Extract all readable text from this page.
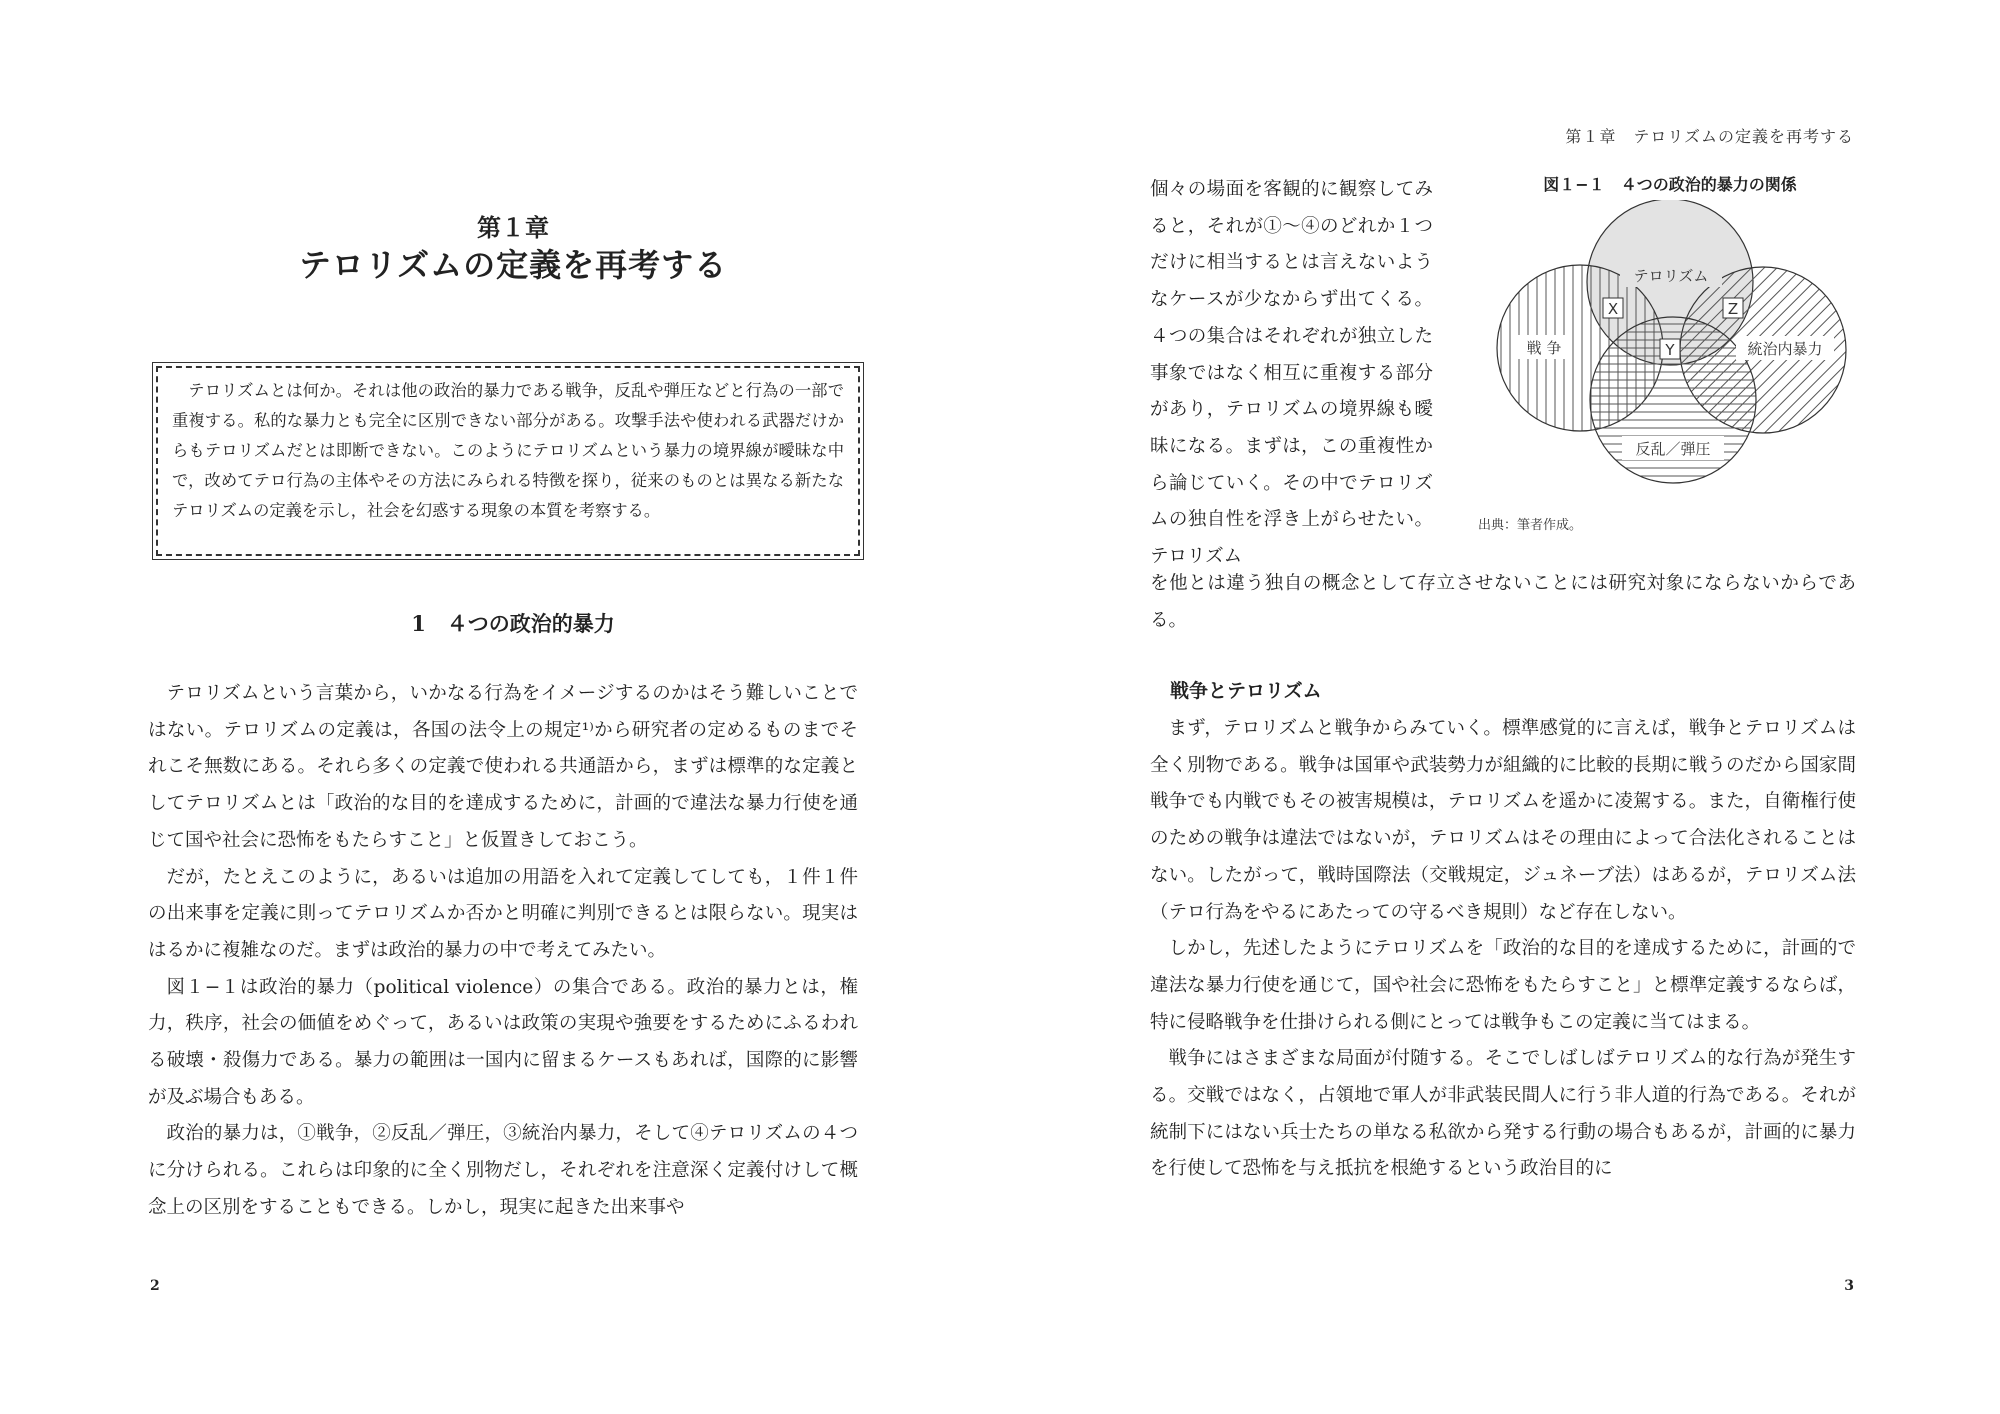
第１章
テロリズムの定義を再考する
テロリズムとは何か。それは他の政治的暴力である戦争，反乱や弾圧などと行為の一部で重複する。私的な暴力とも完全に区別できない部分がある。攻撃手法や使われる武器だけからもテロリズムだとは即断できない。このようにテロリズムという暴力の境界線が曖昧な中で，改めてテロ行為の主体やその方法にみられる特徴を探り，従来のものとは異なる新たなテロリズムの定義を示し，社会を幻惑する現象の本質を考察する。
1　４つの政治的暴力

テロリズムという言葉から，いかなる行為をイメージするのかはそう難しいことではない。テロリズムの定義は，各国の法令上の規定¹⁾から研究者の定めるものまでそれこそ無数にある。それら多くの定義で使われる共通語から，まずは標準的な定義としてテロリズムとは「政治的な目的を達成するために，計画的で違法な暴力行使を通じて国や社会に恐怖をもたらすこと」と仮置きしておこう。

だが，たとえこのように，あるいは追加の用語を入れて定義してしても，１件１件の出来事を定義に則ってテロリズムか否かと明確に判別できるとは限らない。現実ははるかに複雑なのだ。まずは政治的暴力の中で考えてみたい。

図１−１は政治的暴力（political violence）の集合である。政治的暴力とは，権力，秩序，社会の価値をめぐって，あるいは政策の実現や強要をするためにふるわれる破壊・殺傷力である。暴力の範囲は一国内に留まるケースもあれば，国際的に影響が及ぶ場合もある。

政治的暴力は，①戦争，②反乱／弾圧，③統治内暴力，そして④テロリズムの４つに分けられる。これらは印象的に全く別物だし，それぞれを注意深く定義付けして概念上の区別をすることもできる。しかし，現実に起きた出来事や

2
第１章　テロリズムの定義を再考する
個々の場面を客観的に観察してみると，それが①〜④のどれか１つだけに相当するとは言えないようなケースが少なからず出てくる。４つの集合はそれぞれが独立した事象ではなく相互に重複する部分があり，テロリズムの境界線も曖昧になる。まずは，この重複性から論じていく。その中でテロリズムの独自性を浮き上がらせたい。テロリズム
図１−１　４つの政治的暴力の関係
テロリズム
戦 争	統治内暴力
反乱／弾圧
X	Z
Y
出典：筆者作成。
を他とは違う独自の概念として存立させないことには研究対象にならないからである。
戦争とテロリズム

まず，テロリズムと戦争からみていく。標準感覚的に言えば，戦争とテロリズムは全く別物である。戦争は国軍や武装勢力が組織的に比較的長期に戦うのだから国家間戦争でも内戦でもその被害規模は，テロリズムを遥かに凌駕する。また，自衛権行使のための戦争は違法ではないが，テロリズムはその理由によって合法化されることはない。したがって，戦時国際法（交戦規定，ジュネーブ法）はあるが，テロリズム法（テロ行為をやるにあたっての守るべき規則）など存在しない。

しかし，先述したようにテロリズムを「政治的な目的を達成するために，計画的で違法な暴力行使を通じて，国や社会に恐怖をもたらすこと」と標準定義するならば，特に侵略戦争を仕掛けられる側にとっては戦争もこの定義に当てはまる。

戦争にはさまざまな局面が付随する。そこでしばしばテロリズム的な行為が発生する。交戦ではなく，占領地で軍人が非武装民間人に行う非人道的行為である。それが統制下にはない兵士たちの単なる私欲から発する行動の場合もあるが，計画的に暴力を行使して恐怖を与え抵抗を根絶するという政治目的に

3
